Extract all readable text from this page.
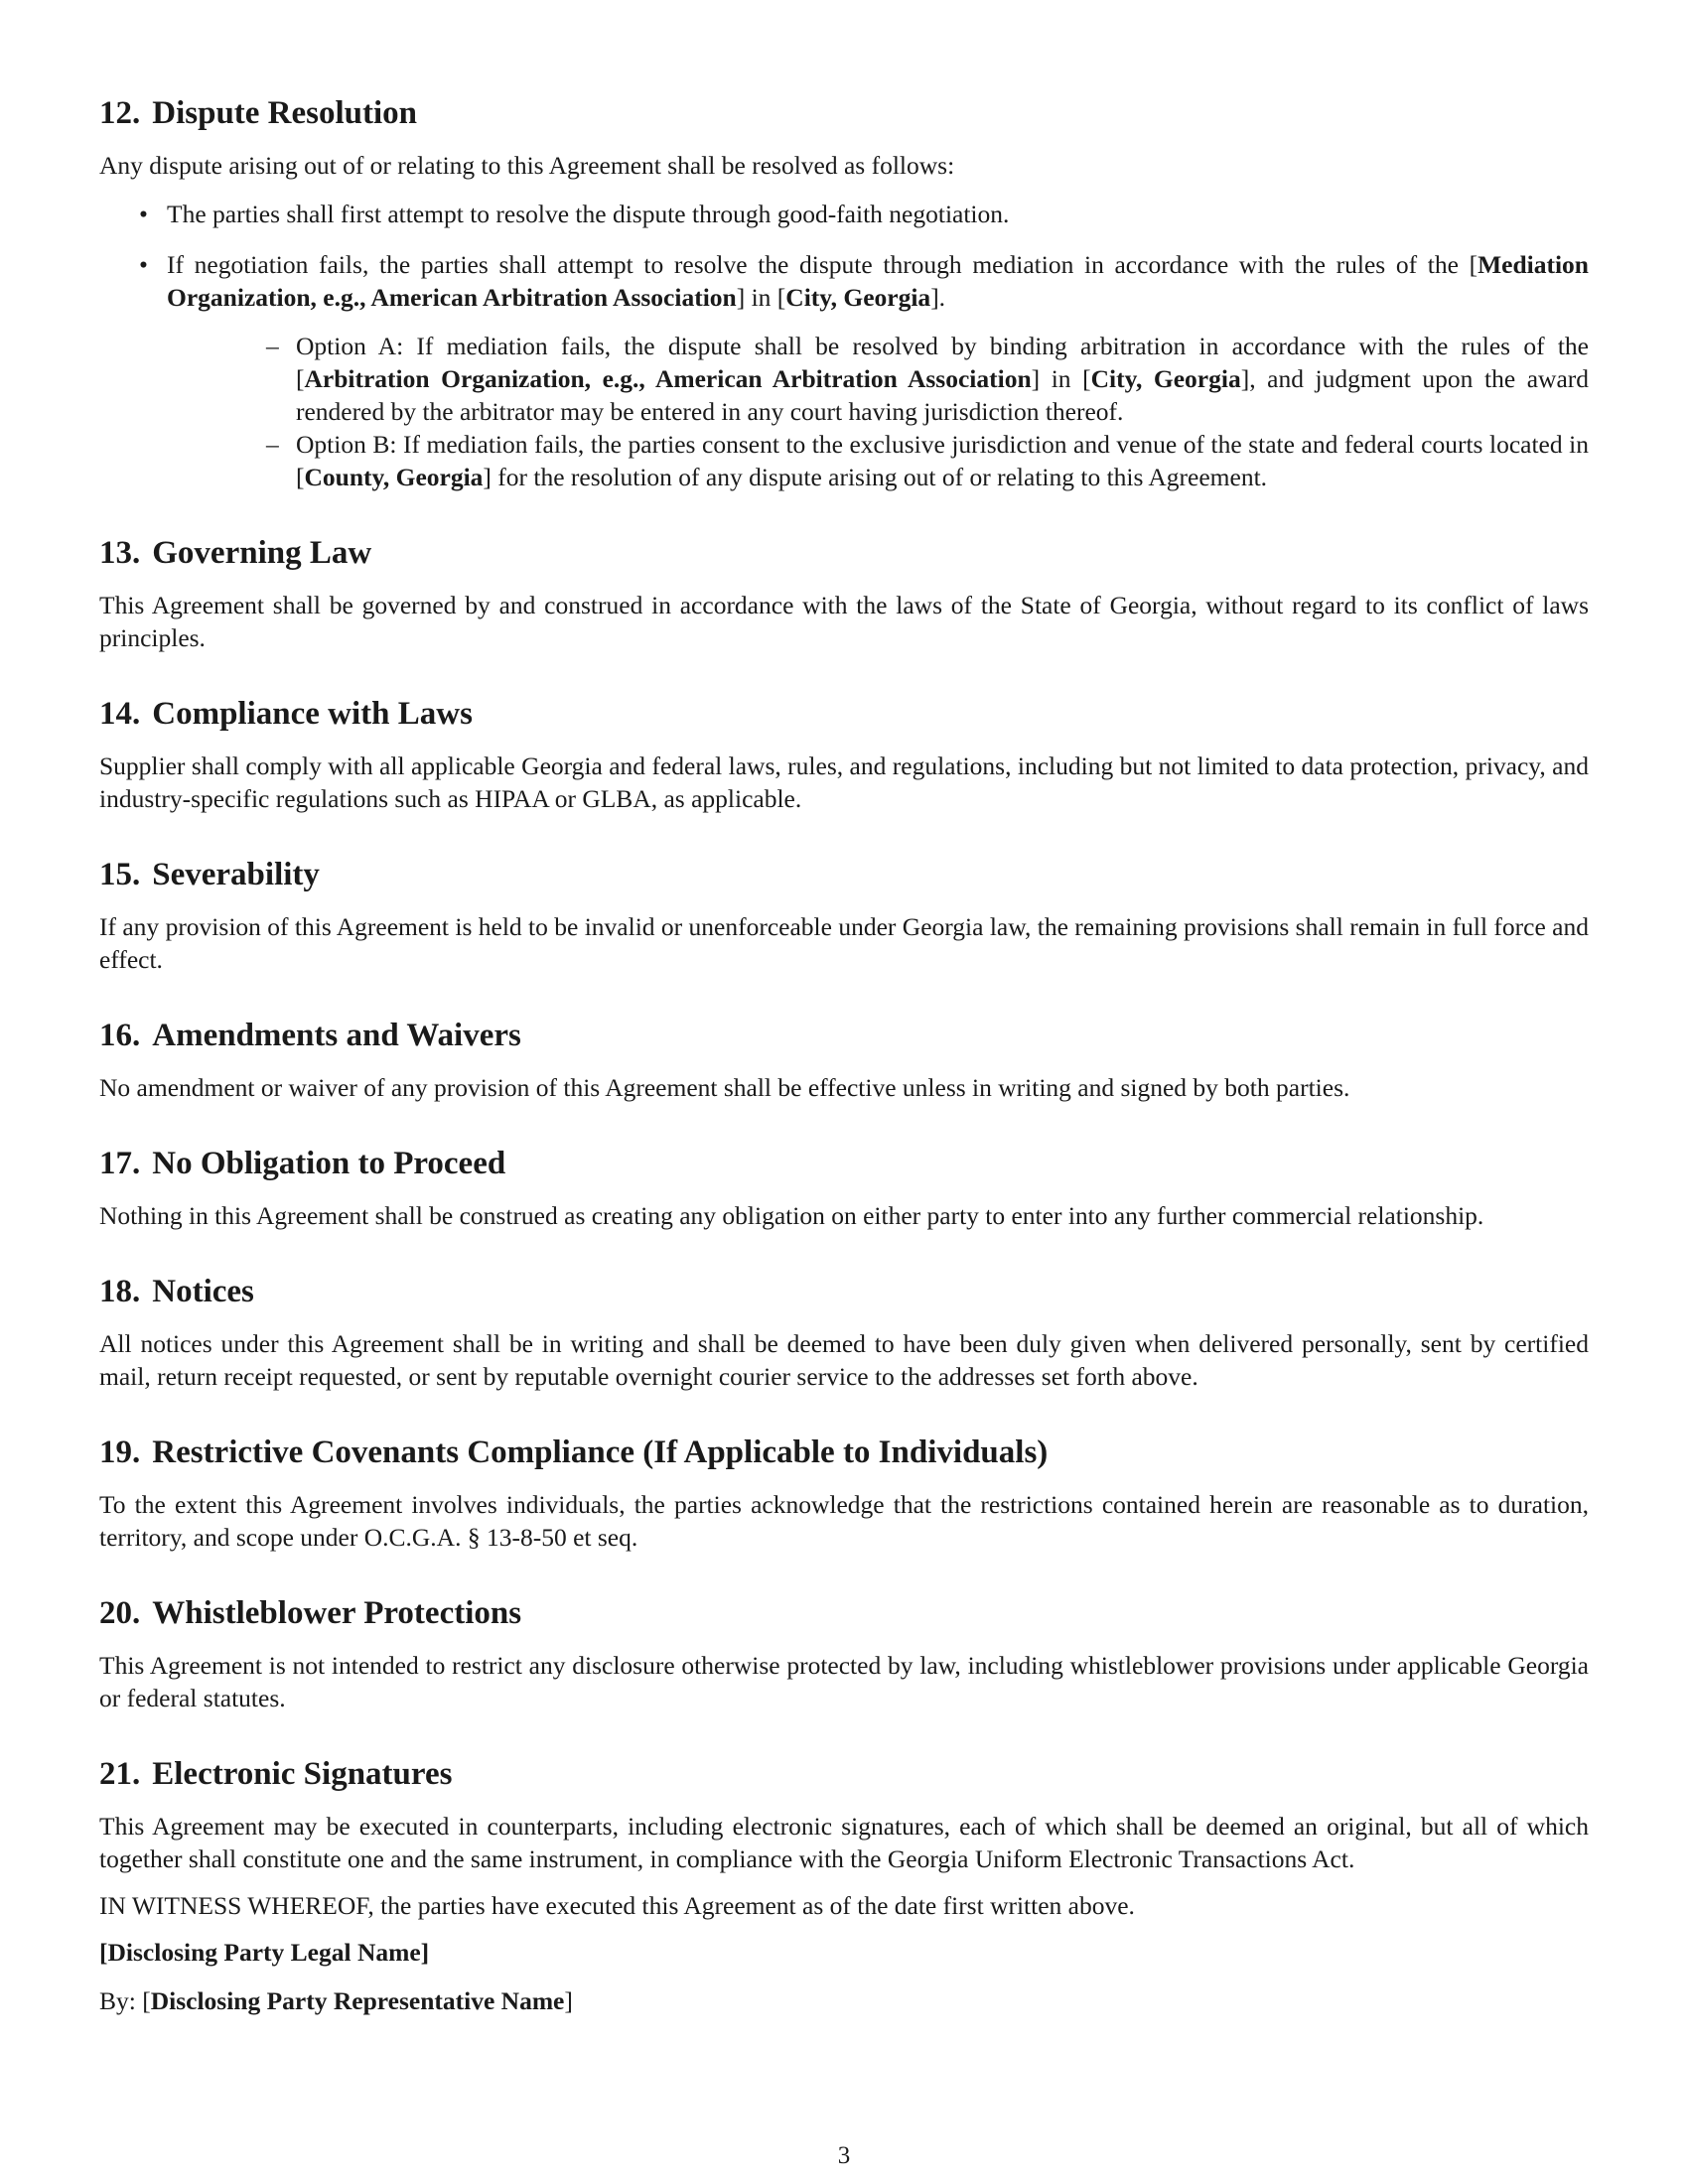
12. Dispute Resolution

Any dispute arising out of or relating to this Agreement shall be resolved as follows:

• The parties shall first attempt to resolve the dispute through good-faith negotiation.
• If negotiation fails, the parties shall attempt to resolve the dispute through mediation in accordance with the rules of the [Mediation Organization, e.g., American Arbitration Association] in [City, Georgia].
– Option A: If mediation fails, the dispute shall be resolved by binding arbitration in accordance with the rules of the [Arbitration Organization, e.g., American Arbitration Association] in [City, Georgia], and judgment upon the award rendered by the arbitrator may be entered in any court having jurisdiction thereof.
– Option B: If mediation fails, the parties consent to the exclusive jurisdiction and venue of the state and federal courts located in [County, Georgia] for the resolution of any dispute arising out of or relating to this Agreement.
13. Governing Law

This Agreement shall be governed by and construed in accordance with the laws of the State of Georgia, without regard to its conflict of laws principles.

14. Compliance with Laws

Supplier shall comply with all applicable Georgia and federal laws, rules, and regulations, including but not limited to data protection, privacy, and industry-specific regulations such as HIPAA or GLBA, as applicable.

15. Severability

If any provision of this Agreement is held to be invalid or unenforceable under Georgia law, the remaining provisions shall remain in full force and effect.

16. Amendments and Waivers

No amendment or waiver of any provision of this Agreement shall be effective unless in writing and signed by both parties.

17. No Obligation to Proceed

Nothing in this Agreement shall be construed as creating any obligation on either party to enter into any further commercial relationship.

18. Notices

All notices under this Agreement shall be in writing and shall be deemed to have been duly given when delivered personally, sent by certified mail, return receipt requested, or sent by reputable overnight courier service to the addresses set forth above.

19. Restrictive Covenants Compliance (If Applicable to Individuals)

To the extent this Agreement involves individuals, the parties acknowledge that the restrictions contained herein are reasonable as to duration, territory, and scope under O.C.G.A. § 13-8-50 et seq.

20. Whistleblower Protections

This Agreement is not intended to restrict any disclosure otherwise protected by law, including whistleblower provisions under applicable Georgia or federal statutes.

21. Electronic Signatures

This Agreement may be executed in counterparts, including electronic signatures, each of which shall be deemed an original, but all of which together shall constitute one and the same instrument, in compliance with the Georgia Uniform Electronic Transactions Act.

IN WITNESS WHEREOF, the parties have executed this Agreement as of the date first written above.

[Disclosing Party Legal Name]
By: [Disclosing Party Representative Name]
3
